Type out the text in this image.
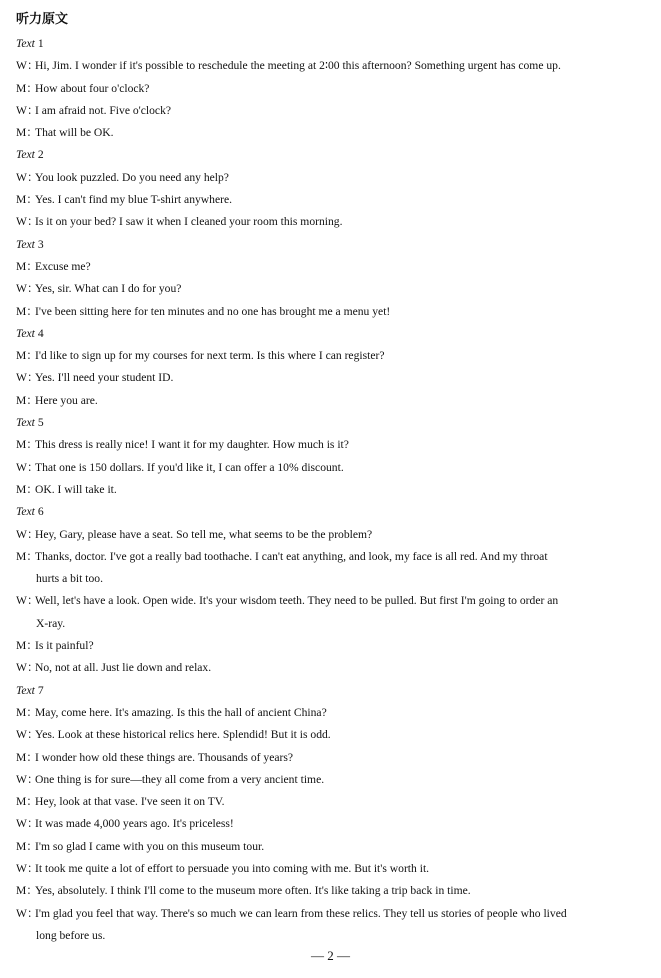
听力原文
Text 1
W：Hi, Jim. I wonder if it's possible to reschedule the meeting at 2∶00 this afternoon? Something urgent has come up.
M：How about four o'clock?
W：I am afraid not. Five o'clock?
M：That will be OK.
Text 2
W：You look puzzled. Do you need any help?
M：Yes. I can't find my blue T-shirt anywhere.
W：Is it on your bed? I saw it when I cleaned your room this morning.
Text 3
M：Excuse me?
W：Yes, sir. What can I do for you?
M：I've been sitting here for ten minutes and no one has brought me a menu yet!
Text 4
M：I'd like to sign up for my courses for next term. Is this where I can register?
W：Yes. I'll need your student ID.
M：Here you are.
Text 5
M：This dress is really nice! I want it for my daughter. How much is it?
W：That one is 150 dollars. If you'd like it, I can offer a 10% discount.
M：OK. I will take it.
Text 6
W：Hey, Gary, please have a seat. So tell me, what seems to be the problem?
M：Thanks, doctor. I've got a really bad toothache. I can't eat anything, and look, my face is all red. And my throat
hurts a bit too.
W：Well, let's have a look. Open wide. It's your wisdom teeth. They need to be pulled. But first I'm going to order an
X-ray.
M：Is it painful?
W：No, not at all. Just lie down and relax.
Text 7
M：May, come here. It's amazing. Is this the hall of ancient China?
W：Yes. Look at these historical relics here. Splendid! But it is odd.
M：I wonder how old these things are. Thousands of years?
W：One thing is for sure—they all come from a very ancient time.
M：Hey, look at that vase. I've seen it on TV.
W：It was made 4,000 years ago. It's priceless!
M：I'm so glad I came with you on this museum tour.
W：It took me quite a lot of effort to persuade you into coming with me. But it's worth it.
M：Yes, absolutely. I think I'll come to the museum more often. It's like taking a trip back in time.
W：I'm glad you feel that way. There's so much we can learn from these relics. They tell us stories of people who lived
long before us.
— 2 —
